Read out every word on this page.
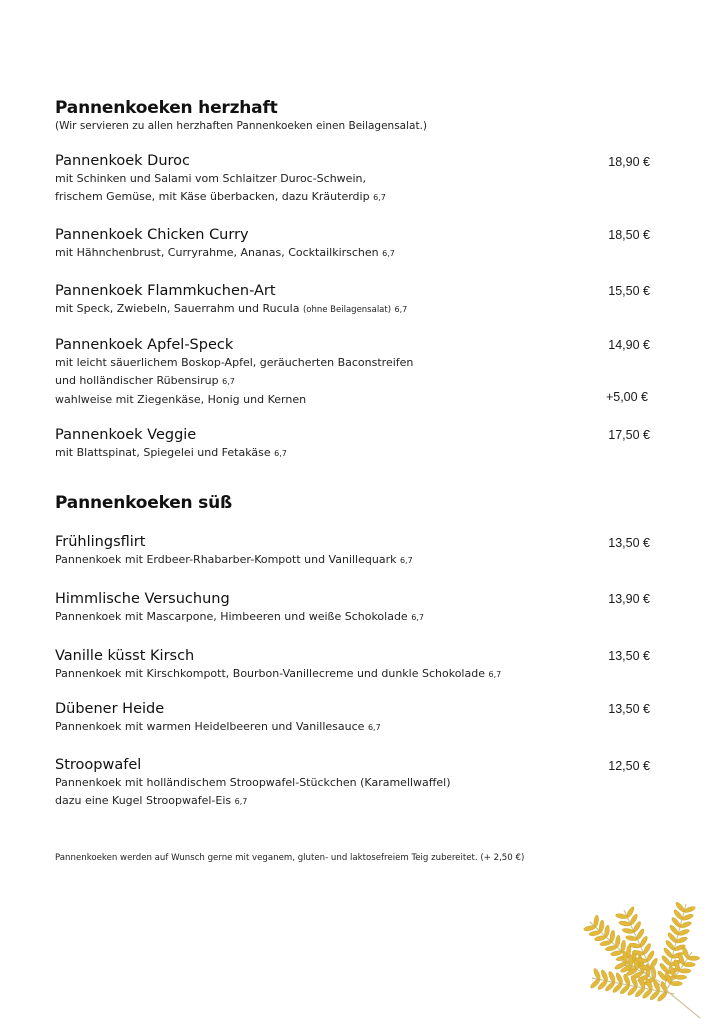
Pannenkoeken herzhaft
(Wir servieren zu allen herzhaften Pannenkoeken einen Beilagensalat.)
Pannenkoek Duroc
mit Schinken und Salami vom Schlaitzer Duroc-Schwein,
frischem Gemüse, mit Käse überbacken, dazu Kräuterdip 6,7
18,90 €
Pannenkoek Chicken Curry
mit Hähnchenbrust, Curryrahme, Ananas, Cocktailkirschen 6,7
18,50 €
Pannenkoek Flammkuchen-Art
mit Speck, Zwiebeln, Sauerrahm und Rucula (ohne Beilagensalat) 6,7
15,50 €
Pannenkoek Apfel-Speck
mit leicht säuerlichem Boskop-Apfel, geräucherten Baconstreifen
und holländischer Rübensirup 6,7
wahlweise mit Ziegenkäse, Honig und Kernen
14,90 €
+5,00 €
Pannenkoek Veggie
mit Blattspinat, Spiegelei und Fetakäse 6,7
17,50 €
Pannenkoeken süß
Frühlingsflirt
Pannenkoek mit Erdbeer-Rhabarber-Kompott und Vanillequark 6,7
13,50 €
Himmlische Versuchung
Pannenkoek mit Mascarpone, Himbeeren und weiße Schokolade 6,7
13,90 €
Vanille küsst Kirsch
Pannenkoek mit Kirschkompott, Bourbon-Vanillecreme und dunkle Schokolade 6,7
13,50 €
Dübener Heide
Pannenkoek mit warmen Heidelbeeren und Vanillesauce 6,7
13,50 €
Stroopwafel
Pannenkoek mit holländischem Stroopwafel-Stückchen (Karamellwaffel)
dazu eine Kugel Stroopwafel-Eis 6,7
12,50 €
Pannenkoeken werden auf Wunsch gerne mit veganem, gluten- und laktosefreiem Teig zubereitet. (+ 2,50 €)
